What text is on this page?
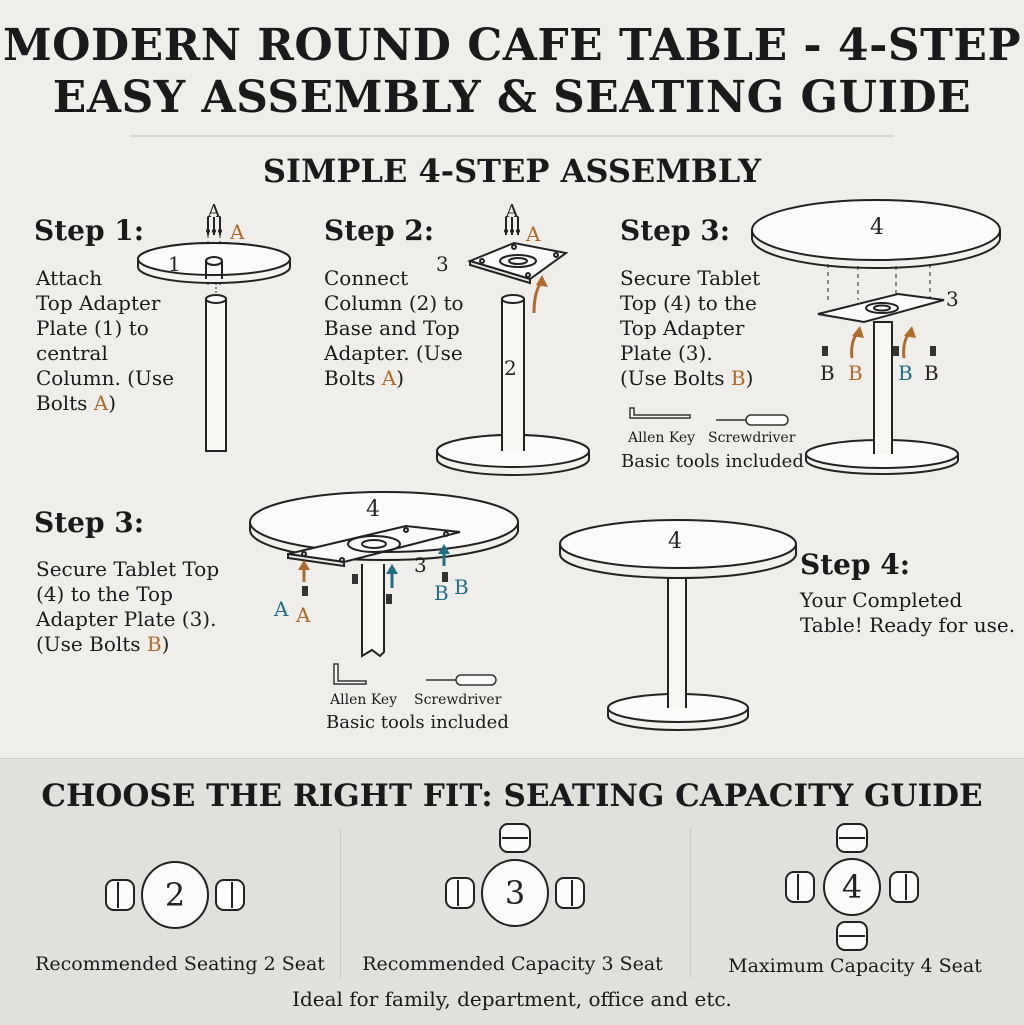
MODERN ROUND CAFE TABLE - 4-STEP
EASY ASSEMBLY & SEATING GUIDE
SIMPLE 4-STEP ASSEMBLY
Step 1:
Attach
Top Adapter
Plate (1) to
central
Column. (Use
Bolts A)
A
A
1
Step 2:
Connect
Column (2) to
Base and Top
Adapter. (Use
Bolts A)
A
A
3
2
Step 3:
Secure Tablet
Top (4) to the
Top Adapter
Plate (3).
(Use Bolts B)
Allen Key Screwdriver
Basic tools included
4
3
B B B B
Step 3:
Secure Tablet Top
(4) to the Top
Adapter Plate (3).
(Use Bolts B)
4
3
A A
B B
Allen Key Screwdriver
Basic tools included
4
Step 4:
Your Completed
Table! Ready for use.
CHOOSE THE RIGHT FIT: SEATING CAPACITY GUIDE
2
Recommended Seating 2 Seat
3
Recommended Capacity 3 Seat
4
Maximum Capacity 4 Seat
Ideal for family, department, office and etc.
